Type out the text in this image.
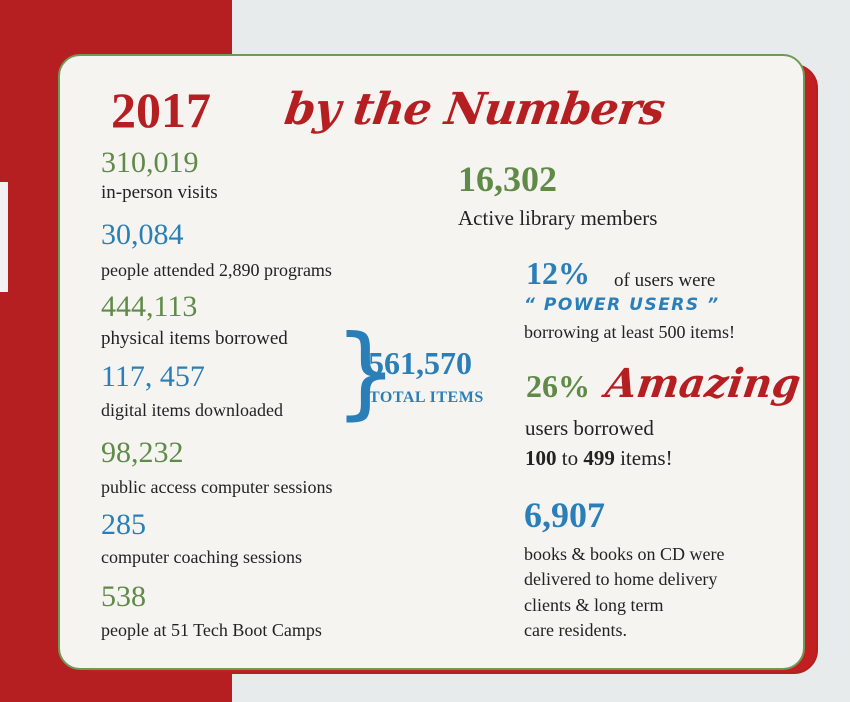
2017 by the Numbers
310,019
in-person visits
30,084
people attended 2,890 programs
444,113
physical items borrowed
117, 457
digital items downloaded
98,232
public access computer sessions
285
computer coaching sessions
538
people at 51 Tech Boot Camps
}
561,570
TOTAL ITEMS
16,302
Active library members
12% of users were
“ POWER USERS ”
borrowing at least 500 items!
26% Amazing
users borrowed
100 to 499 items!
6,907
books & books on CD were
delivered to home delivery
clients & long term
care residents.
